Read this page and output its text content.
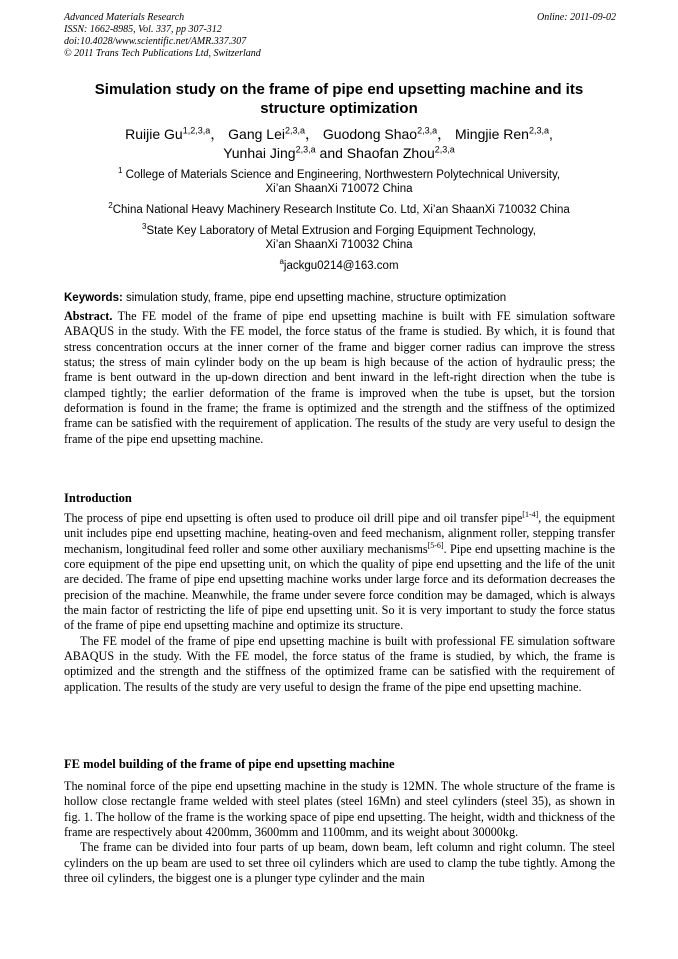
Advanced Materials Research
ISSN: 1662-8985, Vol. 337, pp 307-312
doi:10.4028/www.scientific.net/AMR.337.307
© 2011 Trans Tech Publications Ltd, Switzerland
Online: 2011-09-02
Simulation study on the frame of pipe end upsetting machine and its structure optimization
Ruijie Gu$^{1,2,3,a}$， Gang Lei$^{2,3,a}$， Guodong Shao$^{2,3,a}$， Mingjie Ren$^{2,3,a}$,
Yunhai Jing$^{2,3,a}$ and Shaofan Zhou$^{2,3,a}$

$^1$ College of Materials Science and Engineering, Northwestern Polytechnical University,
Xi’an ShaanXi 710072 China

$^2$China National Heavy Machinery Research Institute Co. Ltd, Xi’an ShaanXi 710032 China

$^3$State Key Laboratory of Metal Extrusion and Forging Equipment Technology,
Xi’an ShaanXi 710032 China

$^a$jackgu0214@163.com

Keywords: simulation study, frame, pipe end upsetting machine, structure optimization

Abstract. The FE model of the frame of pipe end upsetting machine is built with FE simulation software ABAQUS in the study. With the FE model, the force status of the frame is studied. By which, it is found that stress concentration occurs at the inner corner of the frame and bigger corner radius can improve the stress status; the stress of main cylinder body on the up beam is high because of the action of hydraulic press; the frame is bent outward in the up-down direction and bent inward in the left-right direction when the tube is clamped tightly; the earlier deformation of the frame is improved when the tube is upset, but the torsion deformation is found in the frame; the frame is optimized and the strength and the stiffness of the optimized frame can be satisfied with the requirement of application. The results of the study are very useful to design the frame of the pipe end upsetting machine.

Introduction

The process of pipe end upsetting is often used to produce oil drill pipe and oil transfer pipe[1-4], the equipment unit includes pipe end upsetting machine, heating-oven and feed mechanism, alignment roller, stepping transfer mechanism, longitudinal feed roller and some other auxiliary mechanisms[5-6]. Pipe end upsetting machine is the core equipment of the pipe end upsetting unit, on which the quality of pipe end upsetting and the life of the unit are decided. The frame of pipe end upsetting machine works under large force and its deformation decreases the precision of the machine. Meanwhile, the frame under severe force condition may be damaged, which is always the main factor of restricting the life of pipe end upsetting unit. So it is very important to study the force status of the frame of pipe end upsetting machine and optimize its structure.

The FE model of the frame of pipe end upsetting machine is built with professional FE simulation software ABAQUS in the study. With the FE model, the force status of the frame is studied, by which, the frame is optimized and the strength and the stiffness of the optimized frame can be satisfied with the requirement of application. The results of the study are very useful to design the frame of the pipe end upsetting machine.

FE model building of the frame of pipe end upsetting machine

The nominal force of the pipe end upsetting machine in the study is 12MN. The whole structure of the frame is hollow close rectangle frame welded with steel plates (steel 16Mn) and steel cylinders (steel 35), as shown in fig. 1. The hollow of the frame is the working space of pipe end upsetting. The height, width and thickness of the frame are respectively about 4200mm, 3600mm and 1100mm, and its weight about 30000kg.

The frame can be divided into four parts of up beam, down beam, left column and right column. The steel cylinders on the up beam are used to set three oil cylinders which are used to clamp the tube tightly. Among the three oil cylinders, the biggest one is a plunger type cylinder and the main
